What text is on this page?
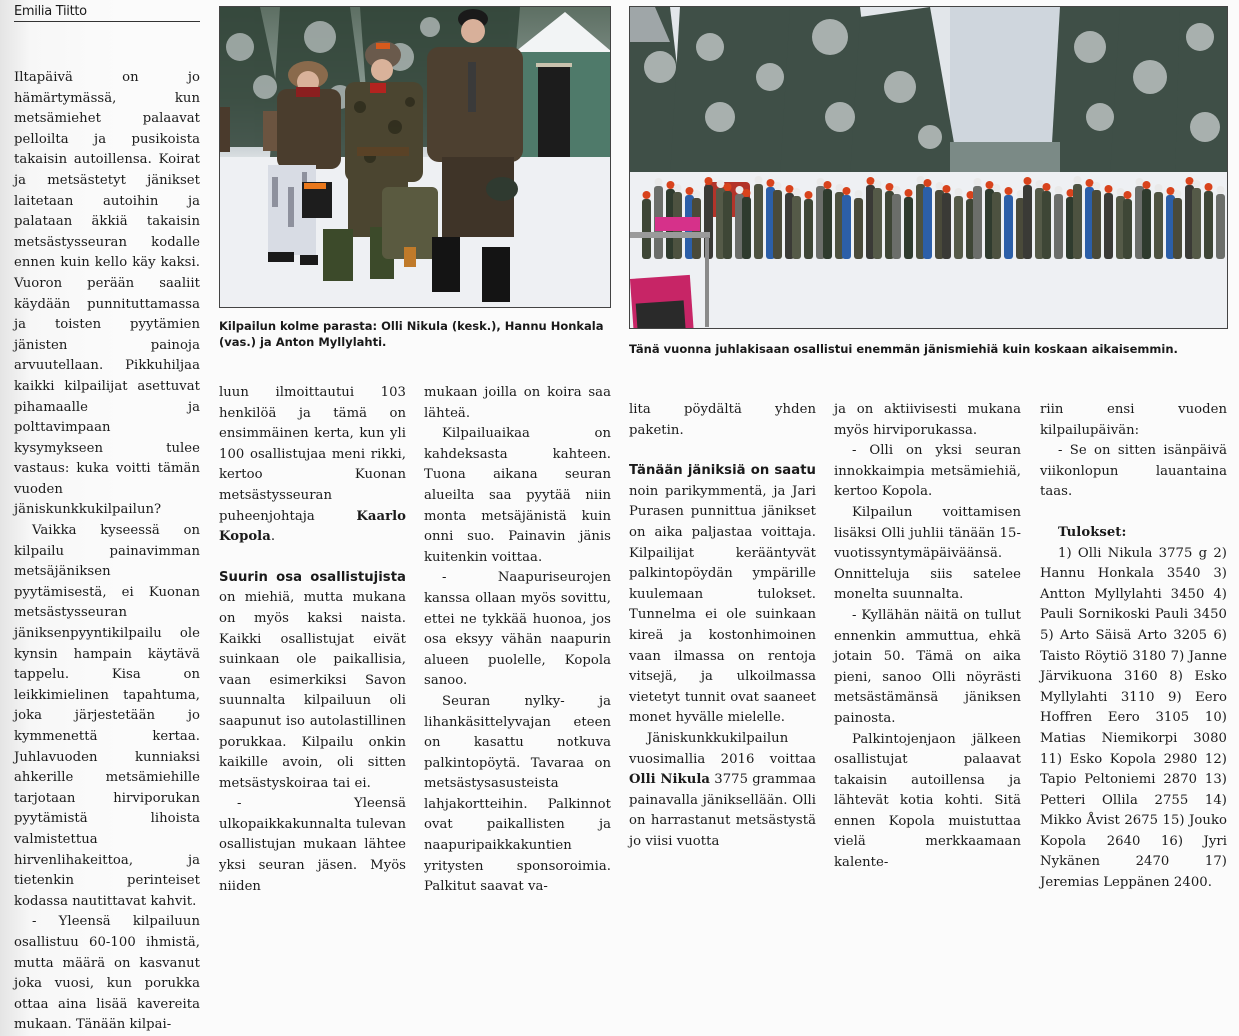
Emilia Tiitto
Kilpailun kolme parasta: Olli Nikula (kesk.), Hannu Honkala (vas.) ja Anton Myllylahti.	Tänä vuonna juhlakisaan osallistui enemmän jänismiehiä kuin koskaan aikaisemmin.

Iltapäivä on jo hämärtymässä, kun metsämiehet palaavat pelloilta ja pusikoista takaisin autoillensa. Koirat ja metsästetyt jänikset laitetaan autoihin ja palataan äkkiä takaisin metsästysseuran kodalle ennen kuin kello käy kaksi. Vuoron perään saaliit käydään punnituttamassa ja toisten pyytämien jänisten painoja arvuutellaan. Pikkuhiljaa kaikki kilpailijat asettuvat pihamaalle ja polttavimpaan kysymykseen tulee vastaus: kuka voitti tämän vuoden jäniskunkkukilpailun?

Vaikka kyseessä on kilpailu painavimman metsäjäniksen pyytämisestä, ei Kuonan metsästysseuran jäniksenpyyntikilpailu ole kynsin hampain käytävä tappelu. Kisa on leikkimielinen tapahtuma, joka järjestetään jo kymmenettä kertaa. Juhlavuoden kunniaksi ahkerille metsämiehille tarjotaan hirviporukan pyytämistä lihoista valmistettua hirvenlihakeittoa, ja tietenkin perinteiset kodassa nautittavat kahvit.

- Yleensä kilpailuun osallistuu 60-100 ihmistä, mutta määrä on kasvanut joka vuosi, kun porukka ottaa aina lisää kavereita mukaan. Tänään kilpai-

luun ilmoittautui 103 henkilöä ja tämä on ensimmäinen kerta, kun yli 100 osallistujaa meni rikki, kertoo Kuonan metsästysseuran puheenjohtaja Kaarlo Kopola.

Suurin osa osallistujista on miehiä, mutta mukana on myös kaksi naista. Kaikki osallistujat eivät suinkaan ole paikallisia, vaan esimerkiksi Savon suunnalta kilpailuun oli saapunut iso autolastillinen porukkaa. Kilpailu onkin kaikille avoin, oli sitten metsästyskoiraa tai ei.

- Yleensä ulkopaikkakunnalta tulevan osallistujan mukaan lähtee yksi seuran jäsen. Myös niiden

mukaan joilla on koira saa lähteä.

Kilpailuaikaa on kahdeksasta kahteen. Tuona aikana seuran alueilta saa pyytää niin monta metsäjänistä kuin onni suo. Painavin jänis kuitenkin voittaa.

- Naapuriseurojen kanssa ollaan myös sovittu, ettei ne tykkää huonoa, jos osa eksyy vähän naapurin alueen puolelle, Kopola sanoo.

Seuran nylky- ja lihankäsittelyvajan eteen on kasattu notkuva palkintopöytä. Tavaraa on metsästysasusteista lahjakortteihin. Palkinnot ovat paikallisten ja naapuripaikkakuntien yritysten sponsoroimia. Palkitut saavat va-

lita pöydältä yhden paketin.

Tänään jäniksiä on saatu noin parikymmentä, ja Jari Purasen punnittua jänikset on aika paljastaa voittaja. Kilpailijat kerääntyvät palkintopöydän ympärille kuulemaan tulokset. Tunnelma ei ole suinkaan kireä ja kostonhimoinen vaan ilmassa on rentoja vitsejä, ja ulkoilmassa vietetyt tunnit ovat saaneet monet hyvälle mielelle.

Jäniskunkkukilpailun vuosimallia 2016 voittaa Olli Nikula 3775 grammaa painavalla jäniksellään. Olli on harrastanut metsästystä jo viisi vuotta

ja on aktiivisesti mukana myös hirviporukassa.

- Olli on yksi seuran innokkaimpia metsämiehiä, kertoo Kopola.

Kilpailun voittamisen lisäksi Olli juhlii tänään 15-vuotissyntymäpäiväänsä. Onnitteluja siis satelee monelta suunnalta.

- Kyllähän näitä on tullut ennenkin ammuttua, ehkä jotain 50. Tämä on aika pieni, sanoo Olli nöyrästi metsästämänsä jäniksen painosta.

Palkintojenjaon jälkeen osallistujat palaavat takaisin autoillensa ja lähtevät kotia kohti. Sitä ennen Kopola muistuttaa vielä merkkaamaan kalente-

riin ensi vuoden kilpailupäivän:

- Se on sitten isänpäivä viikonlopun lauantaina taas.

Tulokset:

1) Olli Nikula 3775 g 2) Hannu Honkala 3540 3) Antton Myllylahti 3450 4) Pauli Sornikoski Pauli 3450 5) Arto Säisä Arto 3205 6) Taisto Röytiö 3180 7) Janne Järvikuona 3160 8) Esko Myllylahti 3110 9) Eero Hoffren Eero 3105 10) Matias Niemikorpi 3080 11) Esko Kopola 2980 12) Tapio Peltoniemi 2870 13) Petteri Ollila 2755 14) Mikko Åvist 2675 15) Jouko Kopola 2640 16) Jyri Nykänen 2470 17) Jeremias Leppänen 2400.
